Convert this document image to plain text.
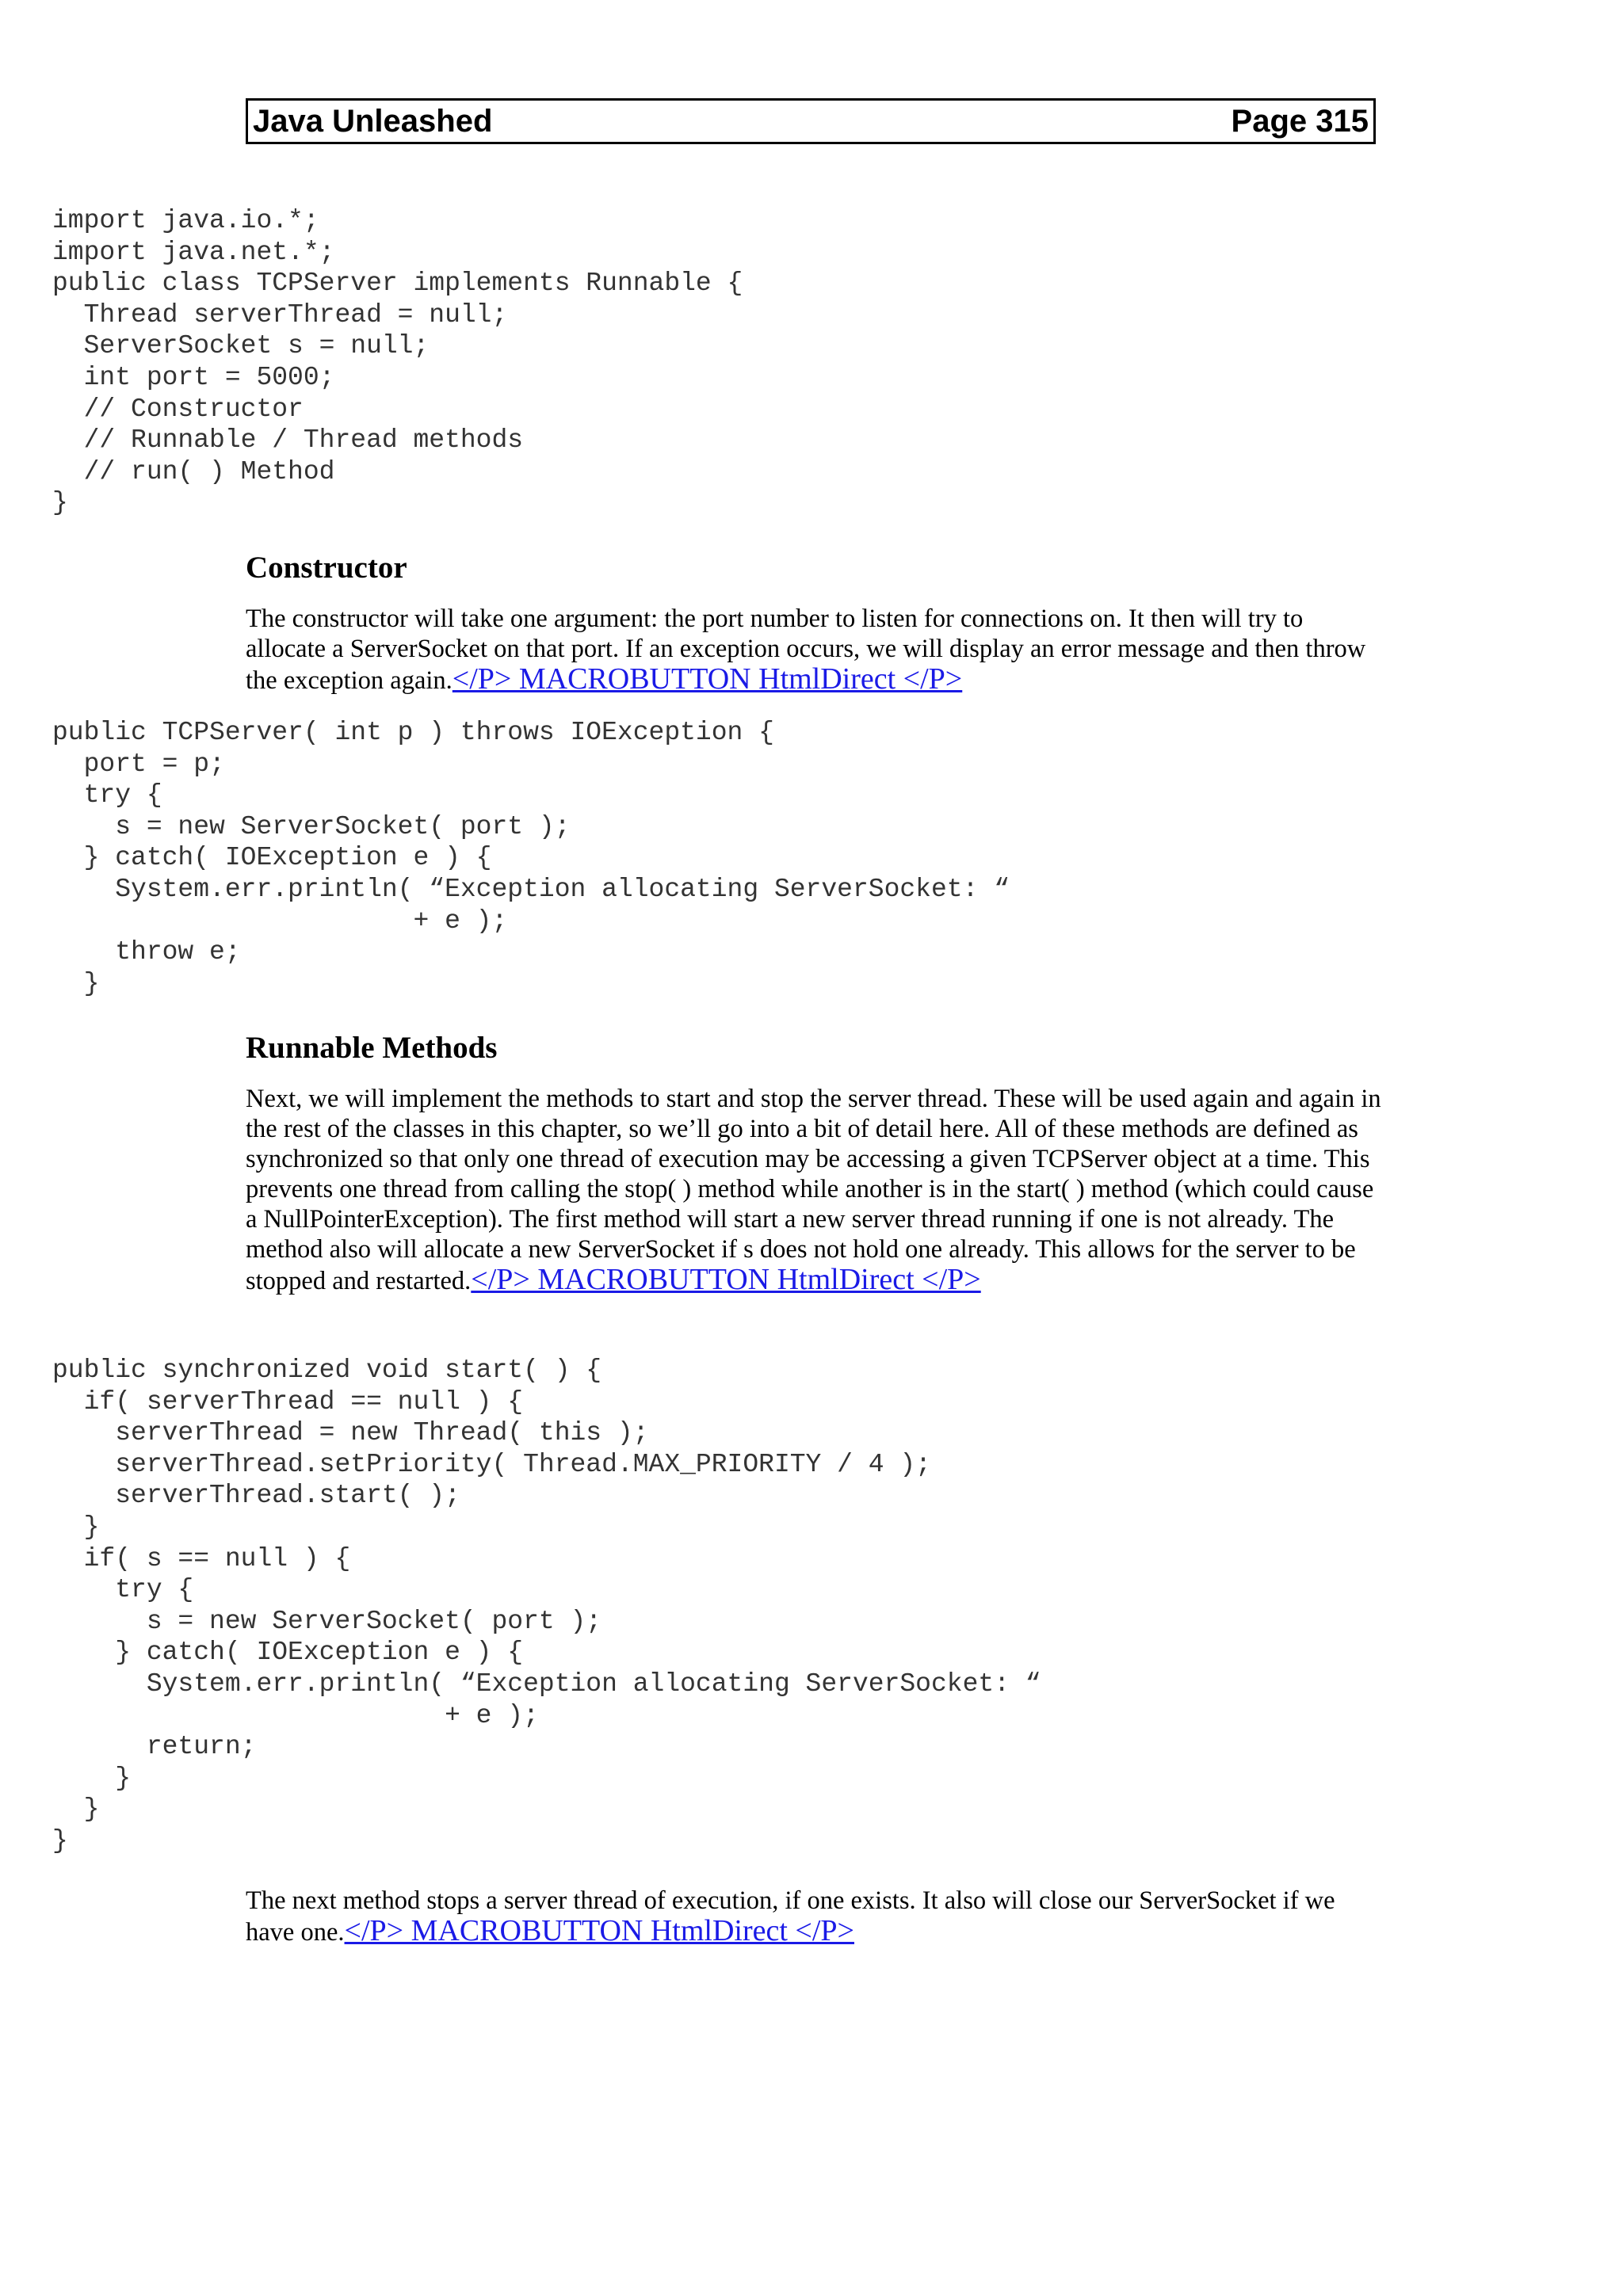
Java Unleashed	Page 315
import java.io.*;
import java.net.*;
public class TCPServer implements Runnable {
Thread serverThread = null;
ServerSocket s = null;
int port = 5000;
// Constructor
// Runnable / Thread methods
// run( ) Method
}
Constructor

The constructor will take one argument: the port number to listen for connections on. It then will try to allocate a ServerSocket on that port. If an exception occurs, we will display an error message and then throw the exception again.</P> MACROBUTTON HtmlDirect </P>

public TCPServer( int p ) throws IOException {
port = p;
try {
s = new ServerSocket( port );
} catch( IOException e ) {
System.err.println( “Exception allocating ServerSocket: “
+ e );
throw e;
}
Runnable Methods

Next, we will implement the methods to start and stop the server thread. These will be used again and again in the rest of the classes in this chapter, so we’ll go into a bit of detail here. All of these methods are defined as synchronized so that only one thread of execution may be accessing a given TCPServer object at a time. This prevents one thread from calling the stop( ) method while another is in the start( ) method (which could cause a NullPointerException). The first method will start a new server thread running if one is not already. The method also will allocate a new ServerSocket if s does not hold one already. This allows for the server to be stopped and restarted.</P> MACROBUTTON HtmlDirect </P>

public synchronized void start( ) {
if( serverThread == null ) {
serverThread = new Thread( this );
serverThread.setPriority( Thread.MAX_PRIORITY / 4 );
serverThread.start( );
}
if( s == null ) {
try {
s = new ServerSocket( port );
} catch( IOException e ) {
System.err.println( “Exception allocating ServerSocket: “
+ e );
return;
}
}
}

The next method stops a server thread of execution, if one exists. It also will close our ServerSocket if we have one.</P> MACROBUTTON HtmlDirect </P>
